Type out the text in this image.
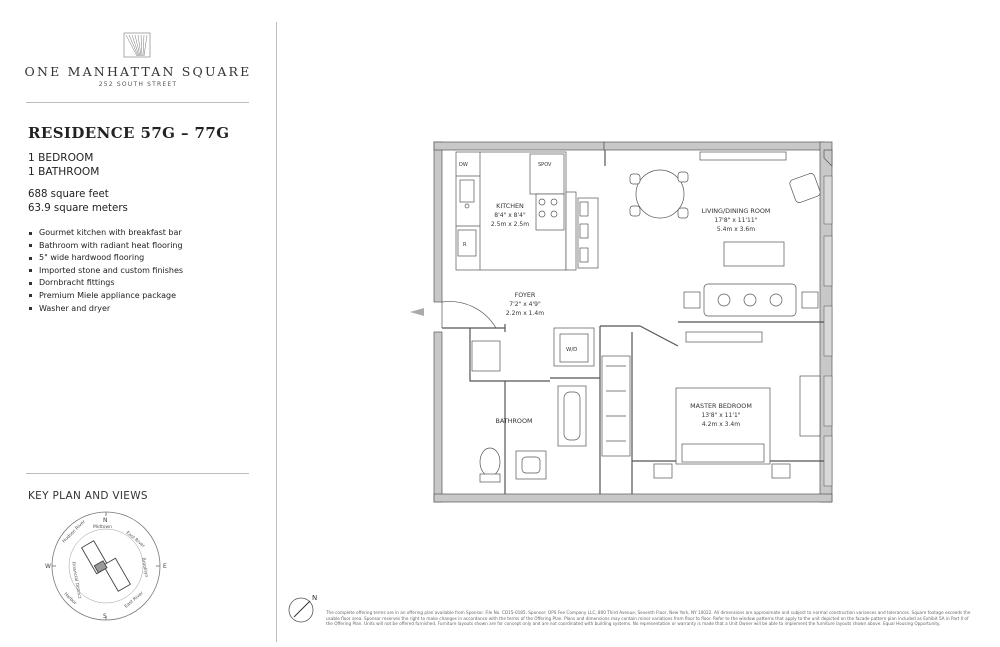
ONE MANHATTAN SQUARE
252 SOUTH STREET
RESIDENCE 57G – 77G
1 BEDROOM
1 BATHROOM
688 square feet
63.9 square meters
Gourmet kitchen with breakfast bar
Bathroom with radiant heat flooring
5" wide hardwood flooring
Imported stone and custom finishes
Dornbracht fittings
Premium Miele appliance package
Washer and dryer
KEY PLAN AND VIEWS
N
S
W	E
Hudson River Midtown
East River
Brooklyn
East River
Harbor
Financial District
DW	SPOV
R
W/D
KITCHEN
8'4" x 8'4"
2.5m x 2.5m
LIVING/DINING ROOM
17'8" x 11'11"
5.4m x 3.6m
FOYER
7'2" x 4'9"
2.2m x 1.4m
BATHROOM
MASTER BEDROOM
13'8" x 11'1"
4.2m x 3.4m
N
The complete offering terms are in an offering plan available from Sponsor. File No. CD15-0185. Sponsor: OPS Fee Company LLC, 800 Third Avenue, Seventh Floor, New York, NY 10022. All dimensions are approximate and subject to normal construction variances and tolerances. Square footage exceeds the usable floor area. Sponsor reserves the right to make changes in accordance with the terms of the Offering Plan. Plans and dimensions may contain minor variations from floor to floor. Refer to the window patterns that apply to the unit depicted on the facade pattern plan included as Exhibit 5A in Part II of the Offering Plan. Units will not be offered furnished. Furniture layouts shown are for concept only and are not coordinated with building systems. No representation or warranty is made that a Unit Owner will be able to implement the furniture layouts shown above. Equal Housing Opportunity.
